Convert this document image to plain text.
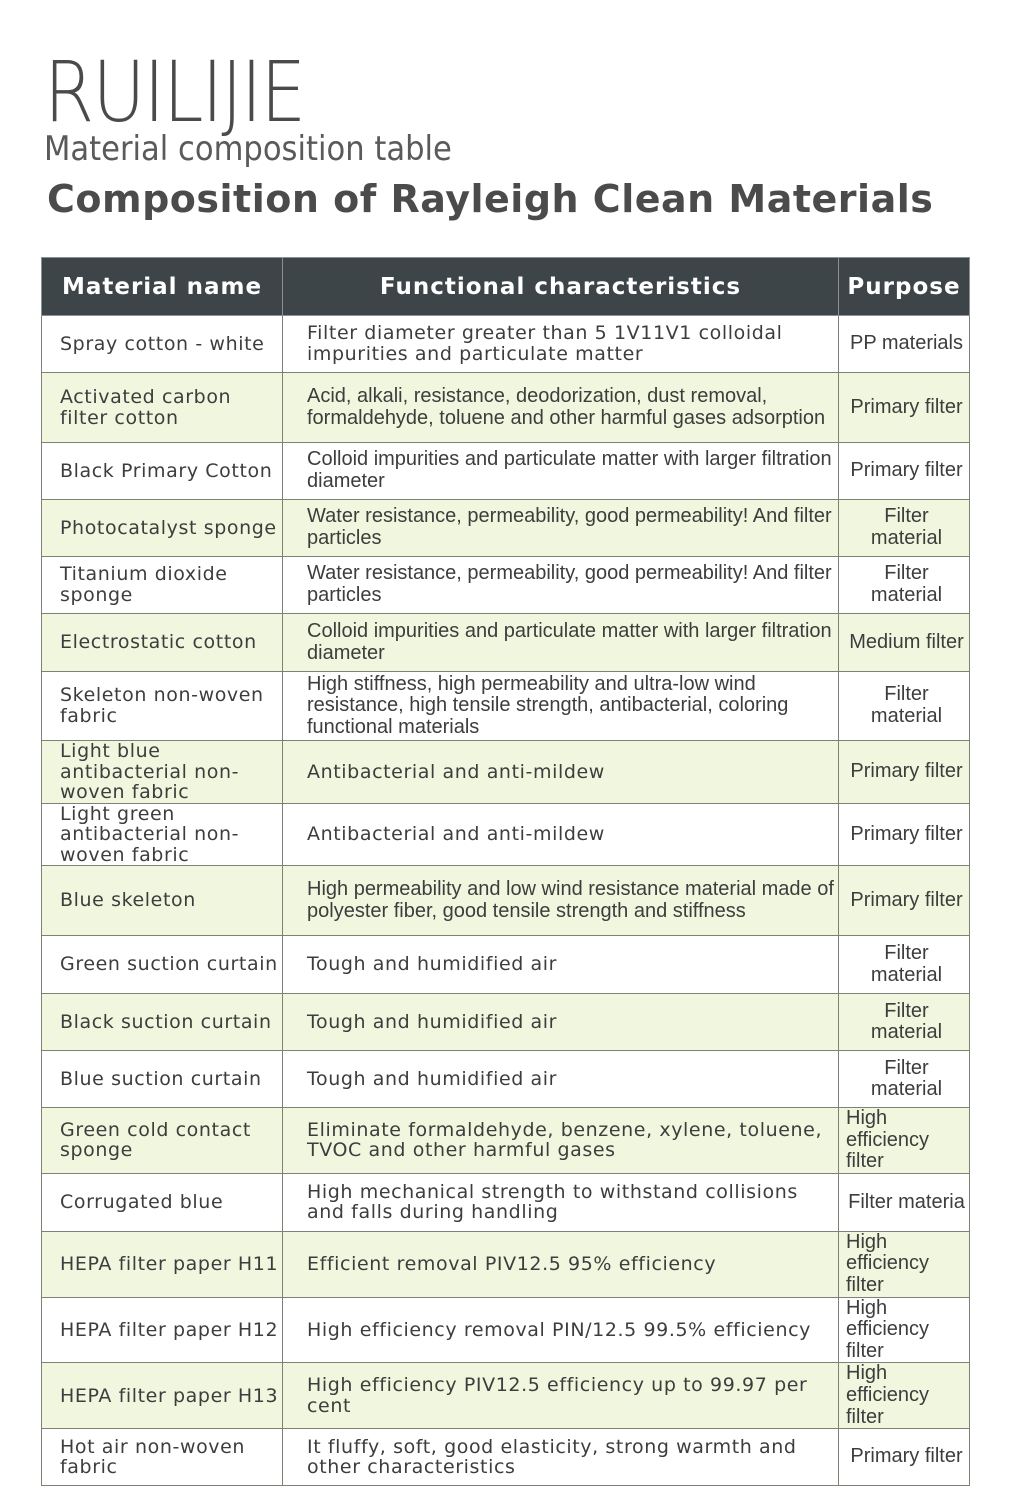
RUILIJIE
Material composition table
Composition of Rayleigh Clean Materials
Material name	Functional characteristics	Purpose
Spray cotton - white	Filter diameter greater than 5 1V11V1 colloidal impurities and particulate matter	PP materials
Activated carbon filter cotton	Acid, alkali, resistance, deodorization, dust removal, formaldehyde, toluene and other harmful gases adsorption	Primary filter
Black Primary Cotton	Colloid impurities and particulate matter with larger filtration diameter	Primary filter
Photocatalyst sponge	Water resistance, permeability, good permeability! And filter particles	Filter material
Titanium dioxide sponge	Water resistance, permeability, good permeability! And filter particles	Filter material
Electrostatic cotton	Colloid impurities and particulate matter with larger filtration diameter	Medium filter
Skeleton non-woven fabric	High stiffness, high permeability and ultra-low wind resistance, high tensile strength, antibacterial, coloring functional materials	Filter material
Light blue antibacterial non-woven fabric	Antibacterial and anti-mildew	Primary filter
Light green antibacterial non-woven fabric	Antibacterial and anti-mildew	Primary filter
Blue skeleton	High permeability and low wind resistance material made of polyester fiber, good tensile strength and stiffness	Primary filter
Green suction curtain	Tough and humidified air	Filter material
Black suction curtain	Tough and humidified air	Filter material
Blue suction curtain	Tough and humidified air	Filter material
Green cold contact sponge	Eliminate formaldehyde, benzene, xylene, toluene, TVOC and other harmful gases	High efficiency filter
Corrugated blue	High mechanical strength to withstand collisions and falls during handling	Filter materia
HEPA filter paper H11	Efficient removal PIV12.5 95% efficiency	High efficiency filter
HEPA filter paper H12	High efficiency removal PIN/12.5 99.5% efficiency	High efficiency filter
HEPA filter paper H13	High efficiency PIV12.5 efficiency up to 99.97 per cent	High efficiency filter
Hot air non-woven fabric	It fluffy, soft, good elasticity, strong warmth and other characteristics	Primary filter
